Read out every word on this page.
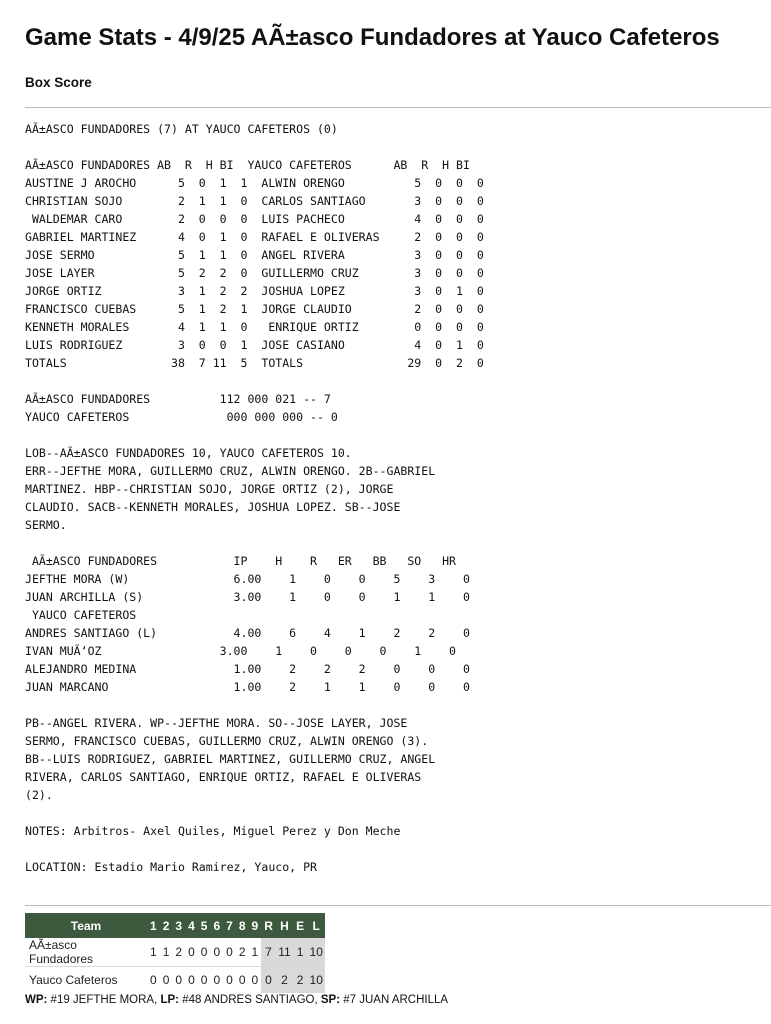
Game Stats - 4/9/25 AÃ±asco Fundadores at Yauco Cafeteros
Box Score
AÃ±ASCO FUNDADORES (7) AT YAUCO CAFETEROS (0)

AÃ±ASCO FUNDADORES AB  R  H BI  YAUCO CAFETEROS      AB  R  H BI
AUSTINE J AROCHO      5  0  1  1  ALWIN ORENGO          5  0  0  0
CHRISTIAN SOJO        2  1  1  0  CARLOS SANTIAGO       3  0  0  0
WALDEMAR CARO        2  0  0  0  LUIS PACHECO          4  0  0  0
GABRIEL MARTINEZ      4  0  1  0  RAFAEL E OLIVERAS     2  0  0  0
JOSE SERMO            5  1  1  0  ANGEL RIVERA          3  0  0  0
JOSE LAYER            5  2  2  0  GUILLERMO CRUZ        3  0  0  0
JORGE ORTIZ           3  1  2  2  JOSHUA LOPEZ          3  0  1  0
FRANCISCO CUEBAS      5  1  2  1  JORGE CLAUDIO         2  0  0  0
KENNETH MORALES       4  1  1  0   ENRIQUE ORTIZ        0  0  0  0
LUIS RODRIGUEZ        3  0  0  1  JOSE CASIANO          4  0  1  0
TOTALS               38  7 11  5  TOTALS               29  0  2  0

AÃ±ASCO FUNDADORES          112 000 021 -- 7
YAUCO CAFETEROS              000 000 000 -- 0

LOB--AÃ±ASCO FUNDADORES 10, YAUCO CAFETEROS 10.
ERR--JEFTHE MORA, GUILLERMO CRUZ, ALWIN ORENGO. 2B--GABRIEL
MARTINEZ. HBP--CHRISTIAN SOJO, JORGE ORTIZ (2), JORGE
CLAUDIO. SACB--KENNETH MORALES, JOSHUA LOPEZ. SB--JOSE
SERMO.

AÃ±ASCO FUNDADORES           IP    H    R   ER   BB   SO   HR
JEFTHE MORA (W)               6.00    1    0    0    5    3    0
JUAN ARCHILLA (S)             3.00    1    0    0    1    1    0
YAUCO CAFETEROS
ANDRES SANTIAGO (L)           4.00    6    4    1    2    2    0
IVAN MUÃ‘OZ                 3.00    1    0    0    0    1    0
ALEJANDRO MEDINA              1.00    2    2    2    0    0    0
JUAN MARCANO                  1.00    2    1    1    0    0    0

PB--ANGEL RIVERA. WP--JEFTHE MORA. SO--JOSE LAYER, JOSE
SERMO, FRANCISCO CUEBAS, GUILLERMO CRUZ, ALWIN ORENGO (3).
BB--LUIS RODRIGUEZ, GABRIEL MARTINEZ, GUILLERMO CRUZ, ANGEL
RIVERA, CARLOS SANTIAGO, ENRIQUE ORTIZ, RAFAEL E OLIVERAS
(2).

NOTES: Arbitros- Axel Quiles, Miguel Perez y Don Meche

LOCATION: Estadio Mario Ramirez, Yauco, PR
Team	1	2	3	4	5	6	7	8	9	R	H	E	L
AÃ±asco Fundadores	1	1	2	0	0	0	0	2	1	7	11	1	10
Yauco Cafeteros	0	0	0	0	0	0	0	0	0	0	2	2	10
WP: #19 JEFTHE MORA, LP: #48 ANDRES SANTIAGO, SP: #7 JUAN ARCHILLA
